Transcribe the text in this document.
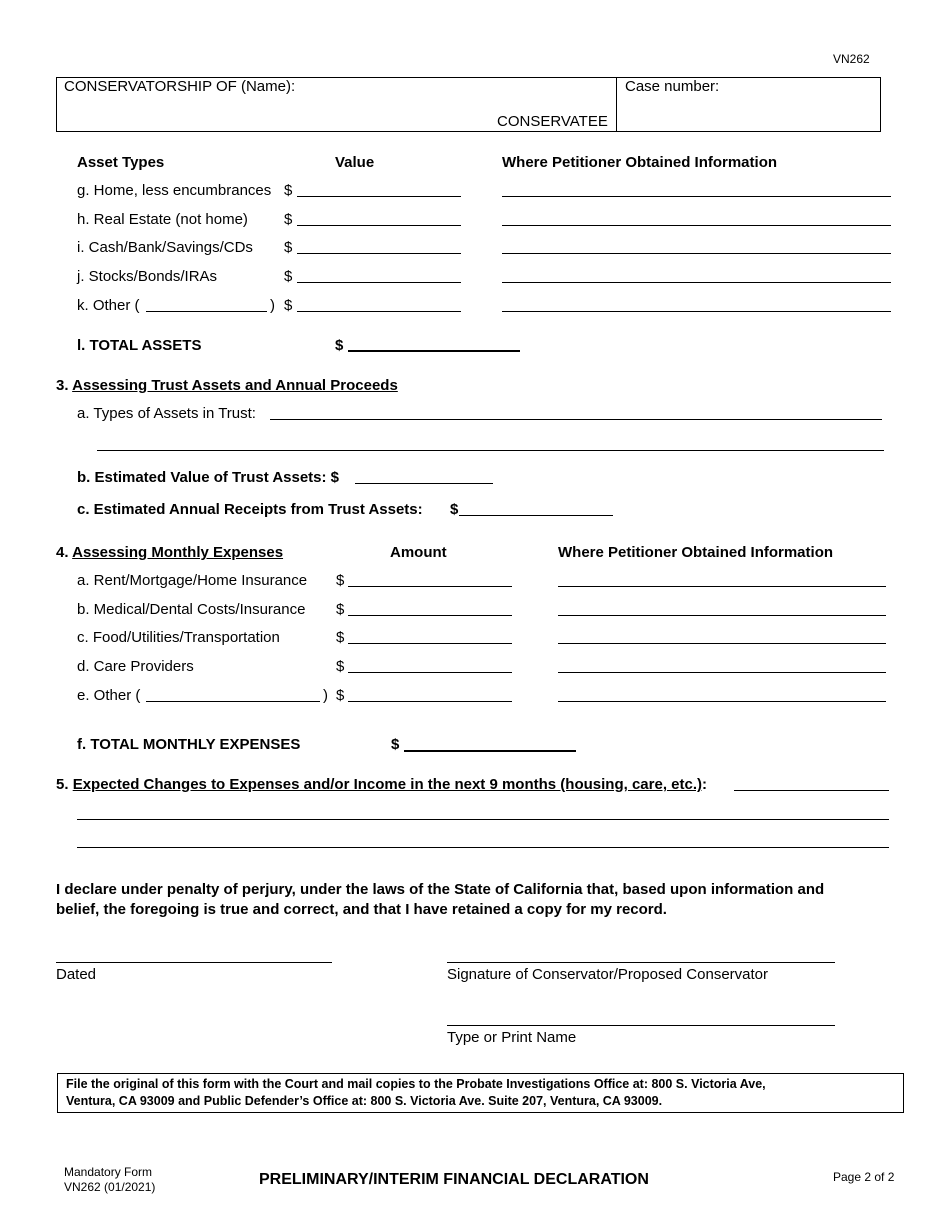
VN262
CONSERVATORSHIP OF (Name):
CONSERVATEE
Case number:
Asset Types	Value	Where Petitioner Obtained Information
g. Home, less encumbrances $
h. Real Estate (not home) $
i. Cash/Bank/Savings/CDs $
j. Stocks/Bonds/IRAs	$
k. Other (	) $
l. TOTAL ASSETS	$
3. Assessing Trust Assets and Annual Proceeds
a. Types of Assets in Trust:
b. Estimated Value of Trust Assets: $
c. Estimated Annual Receipts from Trust Assets: $
4. Assessing Monthly Expenses	Amount	Where Petitioner Obtained Information
a. Rent/Mortgage/Home Insurance $
b. Medical/Dental Costs/Insurance $
c. Food/Utilities/Transportation	$
d. Care Providers	$
e. Other (	) $
f. TOTAL MONTHLY EXPENSES	$
5. Expected Changes to Expenses and/or Income in the next 9 months (housing, care, etc.):
I declare under penalty of perjury, under the laws of the State of California that, based upon information and
belief, the foregoing is true and correct, and that I have retained a copy for my record.
Dated	Signature of Conservator/Proposed Conservator
Type or Print Name
File the original of this form with the Court and mail copies to the Probate Investigations Office at: 800 S. Victoria Ave,
Ventura, CA 93009 and Public Defender’s Office at: 800 S. Victoria Ave. Suite 207, Ventura, CA 93009.
Mandatory Form
VN262 (01/2021)	PRELIMINARY/INTERIM FINANCIAL DECLARATION	Page 2 of 2
